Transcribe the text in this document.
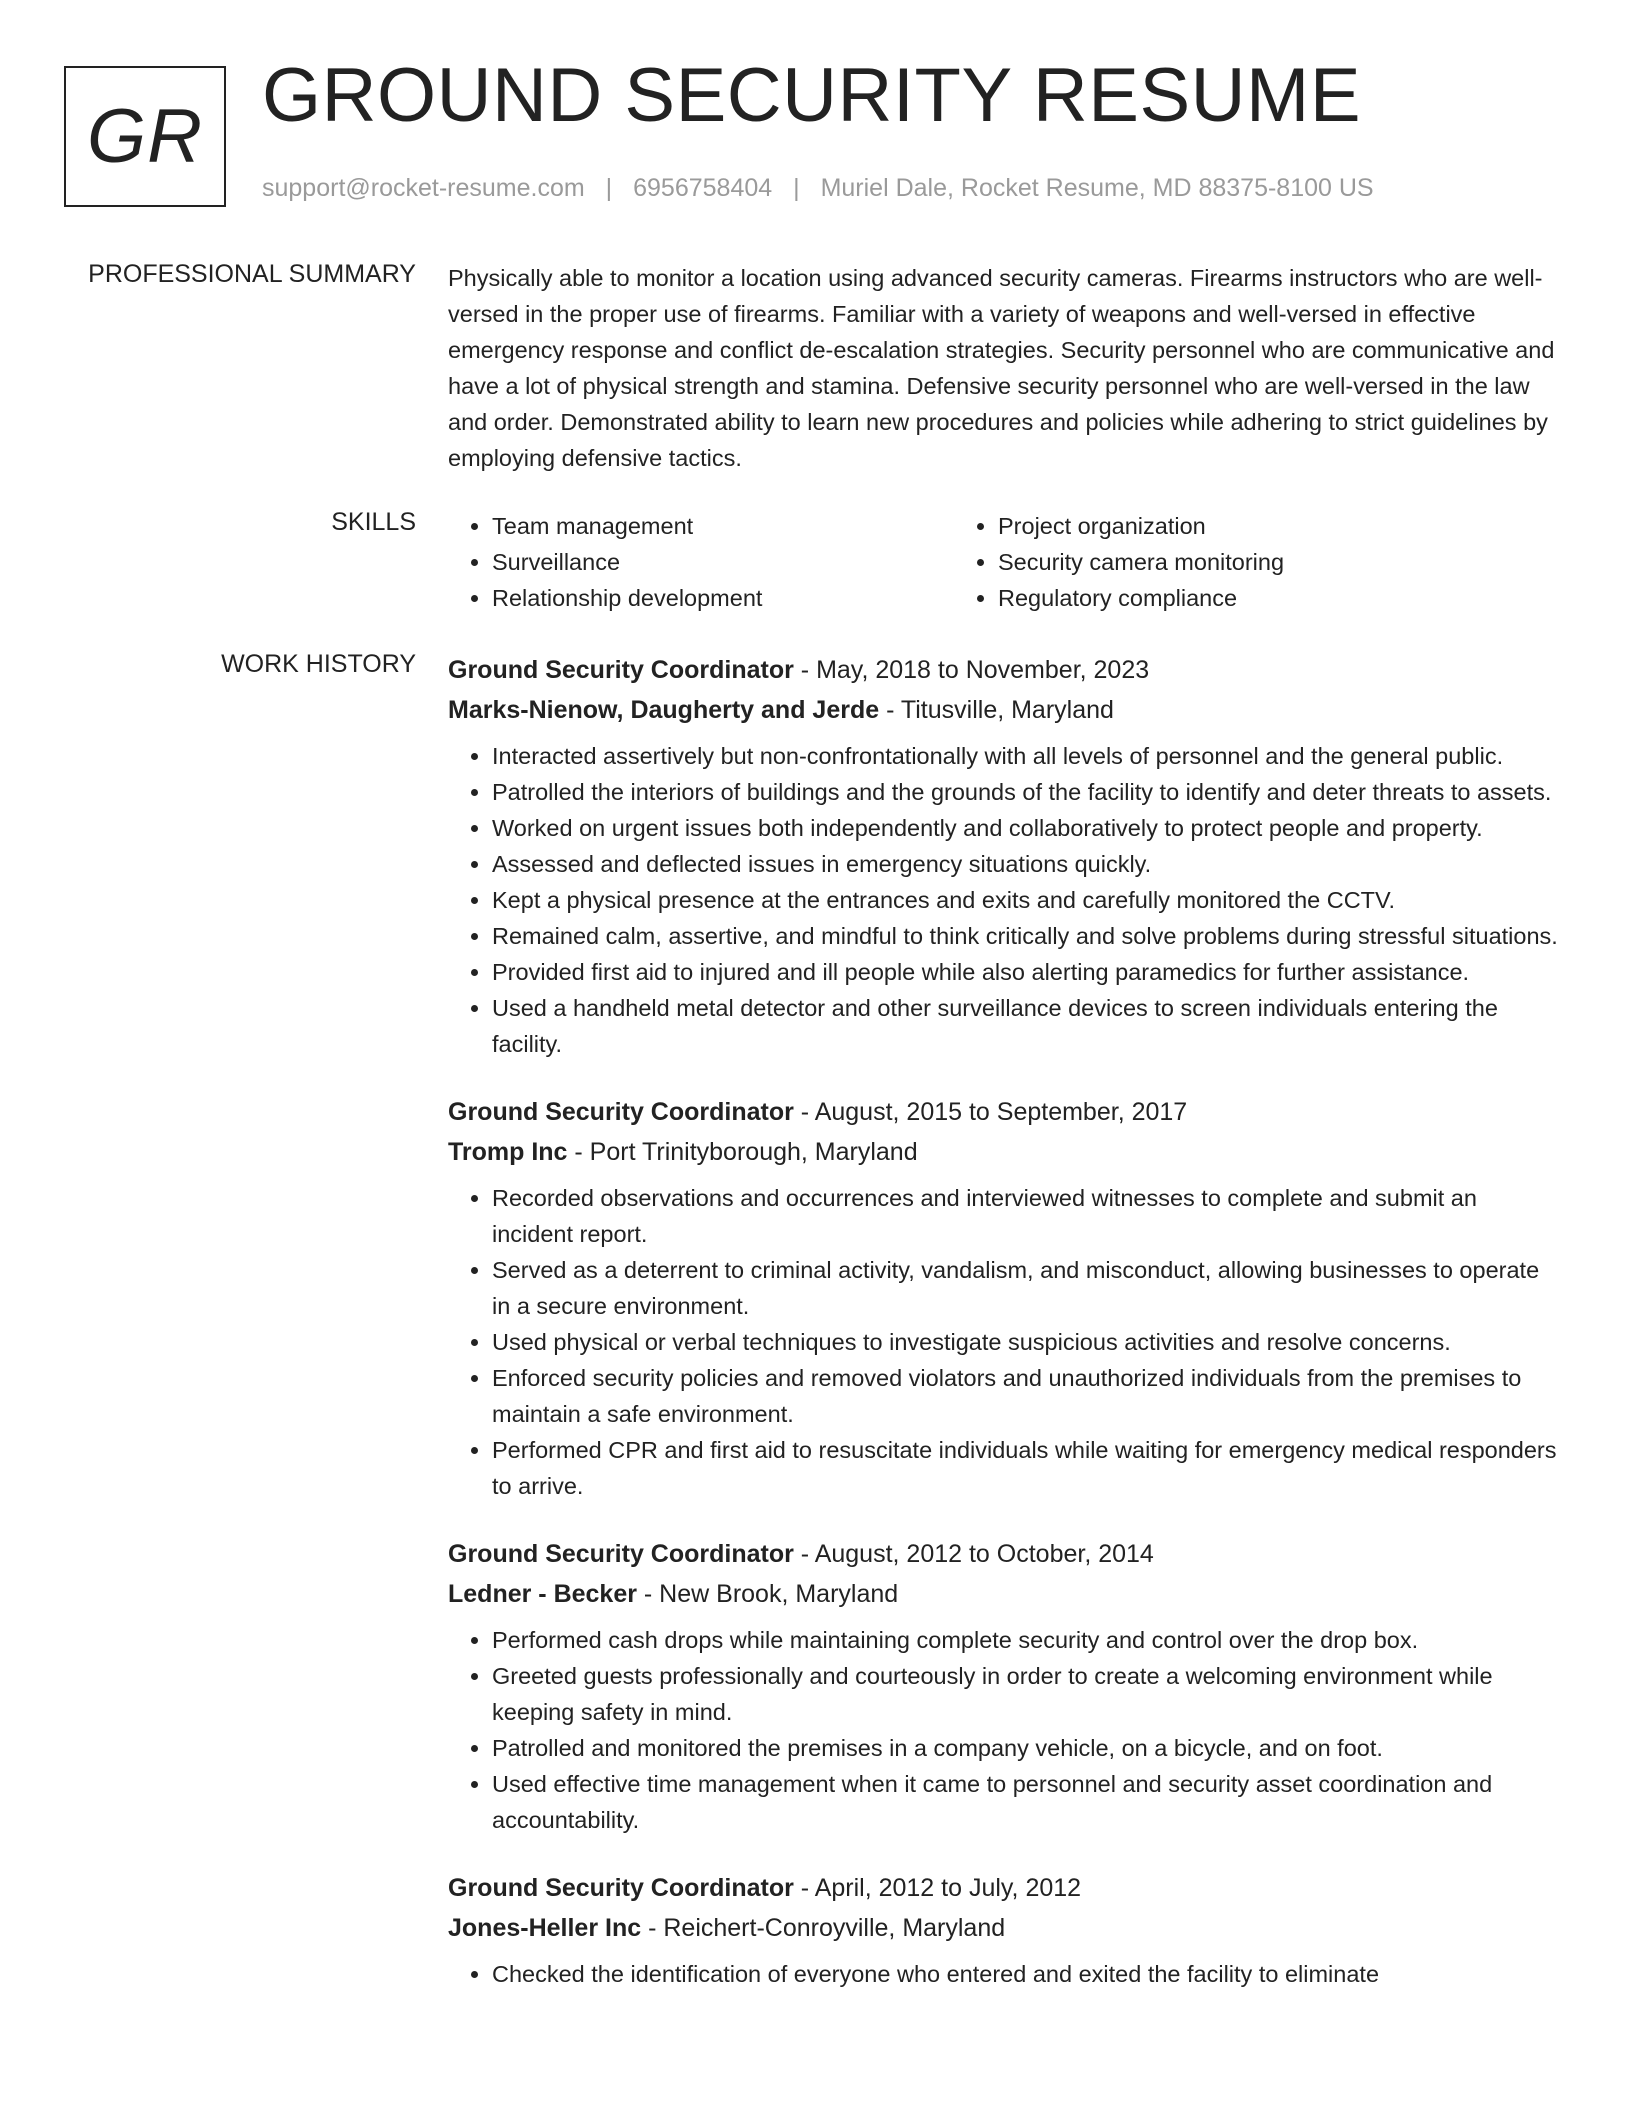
GR GROUND SECURITY RESUME
support@rocket-resume.com | 6956758404 | Muriel Dale, Rocket Resume, MD 88375-8100 US
PROFESSIONAL SUMMARY Physically able to monitor a location using advanced security cameras. Firearms instructors who are well-versed in the proper use of firearms. Familiar with a variety of weapons and well-versed in effective emergency response and conflict de-escalation strategies. Security personnel who are communicative and have a lot of physical strength and stamina. Defensive security personnel who are well-versed in the law and order. Demonstrated ability to learn new procedures and policies while adhering to strict guidelines by employing defensive tactics.
SKILLS
•	Team management
• Surveillance
• Relationship development
• Project organization
• Security camera monitoring
• Regulatory compliance
WORK HISTORY Ground Security Coordinator - May, 2018 to November, 2023
Marks-Nienow, Daugherty and Jerde - Titusville, Maryland
• Interacted assertively but non-confrontationally with all levels of personnel and the general public.
• Patrolled the interiors of buildings and the grounds of the facility to identify and deter threats to assets.
• Worked on urgent issues both independently and collaboratively to protect people and property.
• Assessed and deflected issues in emergency situations quickly.
• Kept a physical presence at the entrances and exits and carefully monitored the CCTV.
• Remained calm, assertive, and mindful to think critically and solve problems during stressful situations.
• Provided first aid to injured and ill people while also alerting paramedics for further assistance.
• Used a handheld metal detector and other surveillance devices to screen individuals entering the facility.
Ground Security Coordinator - August, 2015 to September, 2017
Tromp Inc - Port Trinityborough, Maryland
• Recorded observations and occurrences and interviewed witnesses to complete and submit an incident report.
• Served as a deterrent to criminal activity, vandalism, and misconduct, allowing businesses to operate in a secure environment.
• Used physical or verbal techniques to investigate suspicious activities and resolve concerns.
• Enforced security policies and removed violators and unauthorized individuals from the premises to maintain a safe environment.
• Performed CPR and first aid to resuscitate individuals while waiting for emergency medical responders to arrive.
Ground Security Coordinator - August, 2012 to October, 2014
Ledner - Becker - New Brook, Maryland
• Performed cash drops while maintaining complete security and control over the drop box.
• Greeted guests professionally and courteously in order to create a welcoming environment while keeping safety in mind.
• Patrolled and monitored the premises in a company vehicle, on a bicycle, and on foot.
• Used effective time management when it came to personnel and security asset coordination and accountability.
Ground Security Coordinator - April, 2012 to July, 2012
Jones-Heller Inc - Reichert-Conroyville, Maryland
• Checked the identification of everyone who entered and exited the facility to eliminate
